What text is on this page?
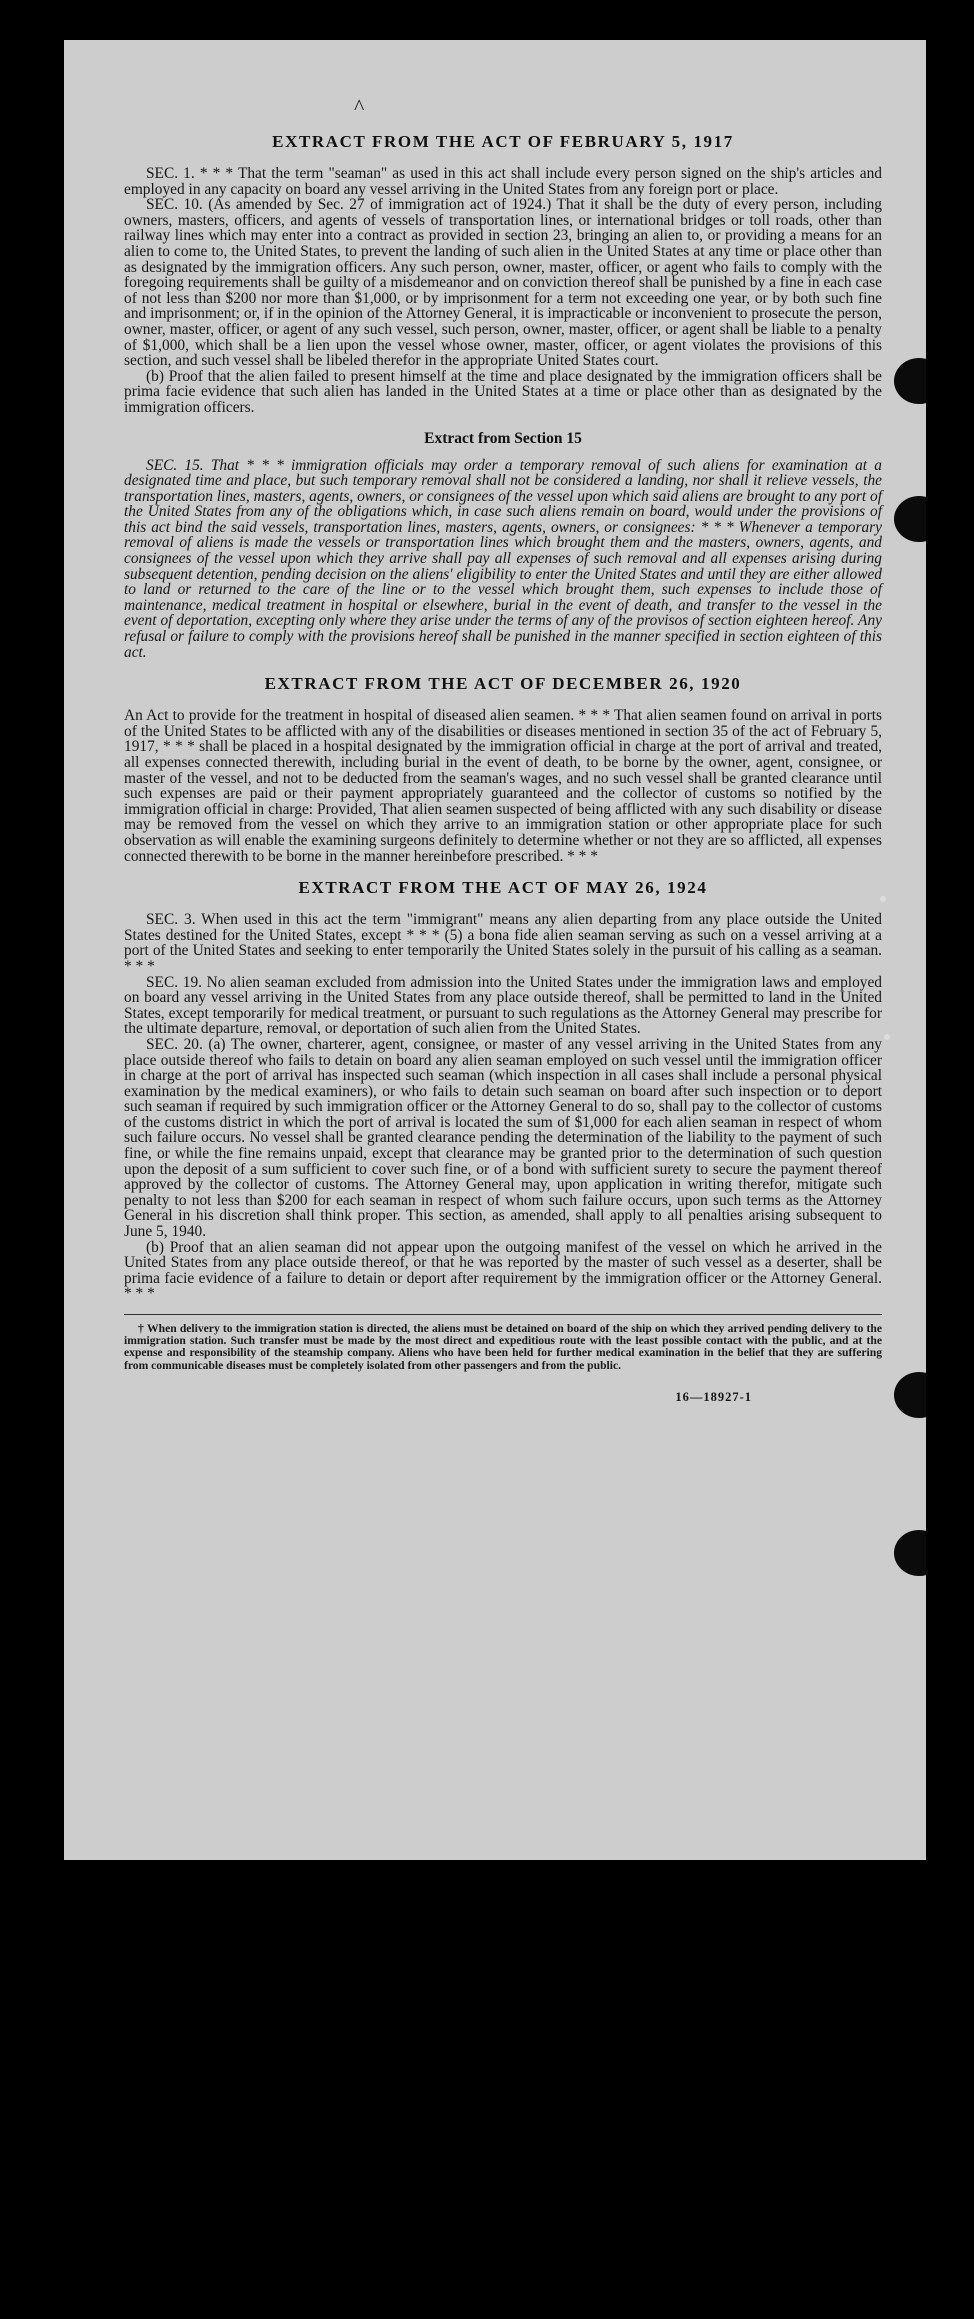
^
EXTRACT FROM THE ACT OF FEBRUARY 5, 1917

SEC. 1. * * * That the term "seaman" as used in this act shall include every person signed on the ship's articles and employed in any capacity on board any vessel arriving in the United States from any foreign port or place.

SEC. 10. (As amended by Sec. 27 of immigration act of 1924.) That it shall be the duty of every person, including owners, masters, officers, and agents of vessels of transportation lines, or international bridges or toll roads, other than railway lines which may enter into a contract as provided in section 23, bringing an alien to, or providing a means for an alien to come to, the United States, to prevent the landing of such alien in the United States at any time or place other than as designated by the immigration officers. Any such person, owner, master, officer, or agent who fails to comply with the foregoing requirements shall be guilty of a misdemeanor and on conviction thereof shall be punished by a fine in each case of not less than $200 nor more than $1,000, or by imprisonment for a term not exceeding one year, or by both such fine and imprisonment; or, if in the opinion of the Attorney General, it is impracticable or inconvenient to prosecute the person, owner, master, officer, or agent of any such vessel, such person, owner, master, officer, or agent shall be liable to a penalty of $1,000, which shall be a lien upon the vessel whose owner, master, officer, or agent violates the provisions of this section, and such vessel shall be libeled therefor in the appropriate United States court.

(b) Proof that the alien failed to present himself at the time and place designated by the immigration officers shall be prima facie evidence that such alien has landed in the United States at a time or place other than as designated by the immigration officers.

Extract from Section 15

SEC. 15. That * * * immigration officials may order a temporary removal of such aliens for examination at a designated time and place, but such temporary removal shall not be considered a landing, nor shall it relieve vessels, the transportation lines, masters, agents, owners, or consignees of the vessel upon which said aliens are brought to any port of the United States from any of the obligations which, in case such aliens remain on board, would under the provisions of this act bind the said vessels, transportation lines, masters, agents, owners, or consignees: * * * Whenever a temporary removal of aliens is made the vessels or transportation lines which brought them and the masters, owners, agents, and consignees of the vessel upon which they arrive shall pay all expenses of such removal and all expenses arising during subsequent detention, pending decision on the aliens' eligibility to enter the United States and until they are either allowed to land or returned to the care of the line or to the vessel which brought them, such expenses to include those of maintenance, medical treatment in hospital or elsewhere, burial in the event of death, and transfer to the vessel in the event of deportation, excepting only where they arise under the terms of any of the provisos of section eighteen hereof. Any refusal or failure to comply with the provisions hereof shall be punished in the manner specified in section eighteen of this act.

EXTRACT FROM THE ACT OF DECEMBER 26, 1920

An Act to provide for the treatment in hospital of diseased alien seamen. * * * That alien seamen found on arrival in ports of the United States to be afflicted with any of the disabilities or diseases mentioned in section 35 of the act of February 5, 1917, * * * shall be placed in a hospital designated by the immigration official in charge at the port of arrival and treated, all expenses connected therewith, including burial in the event of death, to be borne by the owner, agent, consignee, or master of the vessel, and not to be deducted from the seaman's wages, and no such vessel shall be granted clearance until such expenses are paid or their payment appropriately guaranteed and the collector of customs so notified by the immigration official in charge: Provided, That alien seamen suspected of being afflicted with any such disability or disease may be removed from the vessel on which they arrive to an immigration station or other appropriate place for such observation as will enable the examining surgeons definitely to determine whether or not they are so afflicted, all expenses connected therewith to be borne in the manner hereinbefore prescribed. * * *

EXTRACT FROM THE ACT OF MAY 26, 1924

SEC. 3. When used in this act the term "immigrant" means any alien departing from any place outside the United States destined for the United States, except * * * (5) a bona fide alien seaman serving as such on a vessel arriving at a port of the United States and seeking to enter temporarily the United States solely in the pursuit of his calling as a seaman. * * *

SEC. 19. No alien seaman excluded from admission into the United States under the immigration laws and employed on board any vessel arriving in the United States from any place outside thereof, shall be permitted to land in the United States, except temporarily for medical treatment, or pursuant to such regulations as the Attorney General may prescribe for the ultimate departure, removal, or deportation of such alien from the United States.

SEC. 20. (a) The owner, charterer, agent, consignee, or master of any vessel arriving in the United States from any place outside thereof who fails to detain on board any alien seaman employed on such vessel until the immigration officer in charge at the port of arrival has inspected such seaman (which inspection in all cases shall include a personal physical examination by the medical examiners), or who fails to detain such seaman on board after such inspection or to deport such seaman if required by such immigration officer or the Attorney General to do so, shall pay to the collector of customs of the customs district in which the port of arrival is located the sum of $1,000 for each alien seaman in respect of whom such failure occurs. No vessel shall be granted clearance pending the determination of the liability to the payment of such fine, or while the fine remains unpaid, except that clearance may be granted prior to the determination of such question upon the deposit of a sum sufficient to cover such fine, or of a bond with sufficient surety to secure the payment thereof approved by the collector of customs. The Attorney General may, upon application in writing therefor, mitigate such penalty to not less than $200 for each seaman in respect of whom such failure occurs, upon such terms as the Attorney General in his discretion shall think proper. This section, as amended, shall apply to all penalties arising subsequent to June 5, 1940.

(b) Proof that an alien seaman did not appear upon the outgoing manifest of the vessel on which he arrived in the United States from any place outside thereof, or that he was reported by the master of such vessel as a deserter, shall be prima facie evidence of a failure to detain or deport after requirement by the immigration officer or the Attorney General. * * *

† When delivery to the immigration station is directed, the aliens must be detained on board of the ship on which they arrived pending delivery to the immigration station. Such transfer must be made by the most direct and expeditious route with the least possible contact with the public, and at the expense and responsibility of the steamship company. Aliens who have been held for further medical examination in the belief that they are suffering from communicable diseases must be completely isolated from other passengers and from the public.

16—18927-1
